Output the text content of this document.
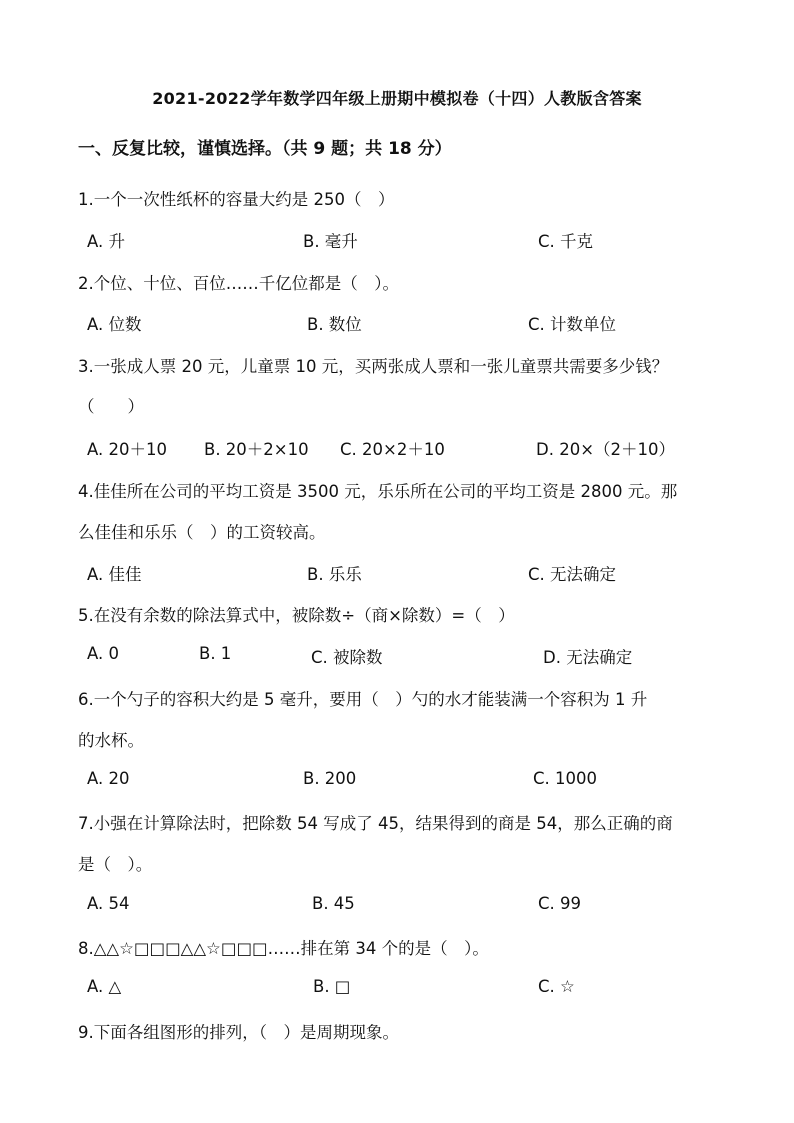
2021-2022学年数学四年级上册期中模拟卷（十四）人教版含答案
一、反复比较，谨慎选择。（共 9 题；共 18 分）
1.一个一次性纸杯的容量大约是 250（　）
A. 升	B. 毫升	C. 千克
2.个位、十位、百位……千亿位都是（　）。
A. 位数	B. 数位	C. 计数单位
3.一张成人票 20 元，儿童票 10 元，买两张成人票和一张儿童票共需要多少钱？
（　　）
A. 20＋10 B. 20＋2×10 C. 20×2＋10	D. 20×（2＋10）
4.佳佳所在公司的平均工资是 3500 元，乐乐所在公司的平均工资是 2800 元。那
么佳佳和乐乐（　）的工资较高。
A. 佳佳	B. 乐乐	C. 无法确定
5.在没有余数的除法算式中，被除数÷（商×除数）=（　）
A. 0	B. 1	C. 被除数	D. 无法确定
6.一个勺子的容积大约是 5 毫升，要用（　）勺的水才能装满一个容积为 1 升
的水杯。
A. 20	B. 200	C. 1000
7.小强在计算除法时，把除数 54 写成了 45，结果得到的商是 54，那么正确的商
是（　）。
A. 54	B. 45	C. 99
8.△△☆□□□△△☆□□□……排在第 34 个的是（　）。
A. △	B. □	C. ☆
9.下面各组图形的排列，（　）是周期现象。
